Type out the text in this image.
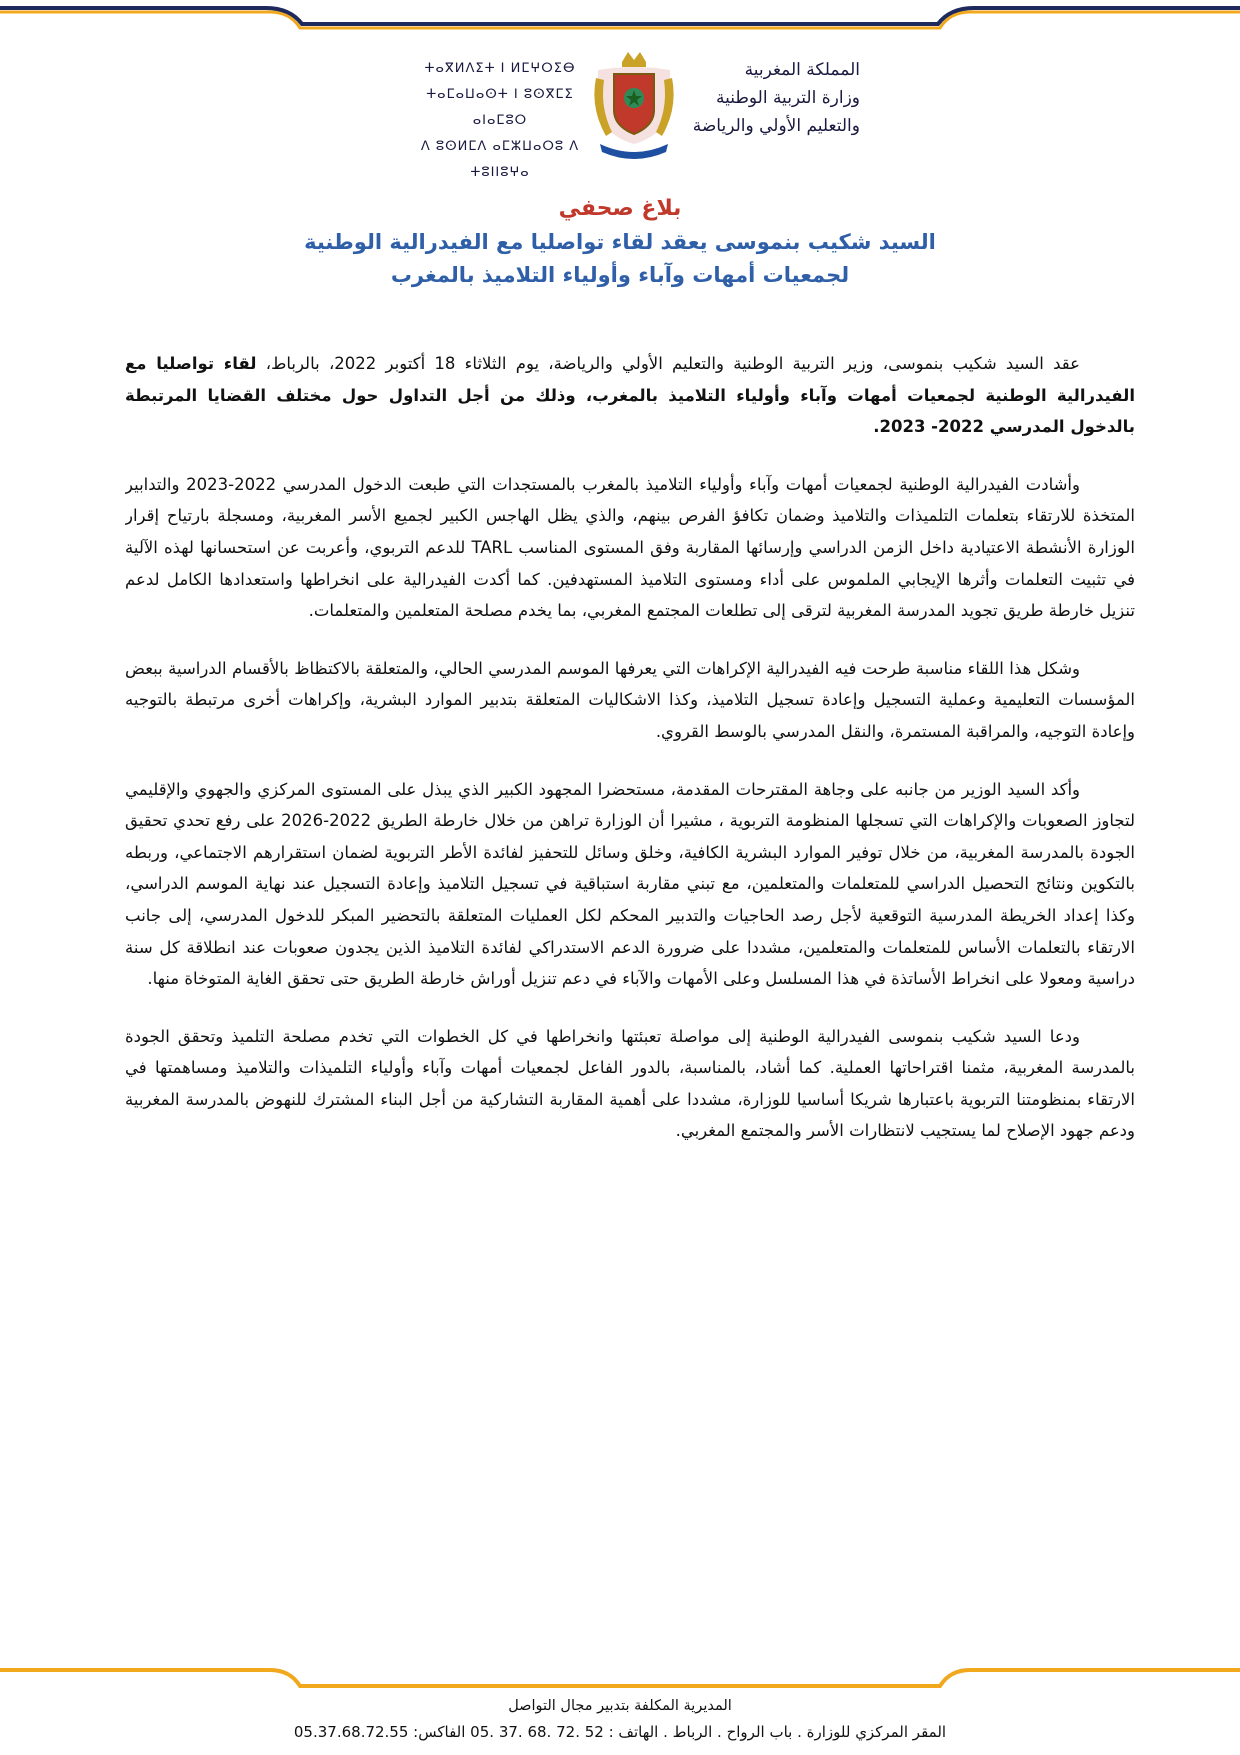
ⵜⴰⴳⵍⴷⵉⵜ ⵏ ⵍⵎⵖⵔⵉⴱ
ⵜⴰⵎⴰⵡⴰⵙⵜ ⵏ ⵓⵙⴳⵎⵉ ⴰⵏⴰⵎⵓⵔ
ⴷ ⵓⵙⵍⵎⴷ ⴰⵎⵣⵡⴰⵔⵓ ⴷ ⵜⵓⵏⵏⵓⵖⴰ
المملكة المغربية
وزارة التربية الوطنية
والتعليم الأولي والرياضة
بلاغ صحفي
السيد شكيب بنموسى يعقد لقاء تواصليا مع الفيدرالية الوطنية
لجمعيات أمهات وآباء وأولياء التلاميذ بالمغرب

عقد السيد شكيب بنموسى، وزير التربية الوطنية والتعليم الأولي والرياضة، يوم الثلاثاء 18 أكتوبر 2022، بالرباط، لقاء تواصليا مع الفيدرالية الوطنية لجمعيات أمهات وآباء وأولياء التلاميذ بالمغرب، وذلك من أجل التداول حول مختلف القضايا المرتبطة بالدخول المدرسي 2022- 2023.

وأشادت الفيدرالية الوطنية لجمعيات أمهات وآباء وأولياء التلاميذ بالمغرب بالمستجدات التي طبعت الدخول المدرسي 2022-2023 والتدابير المتخذة للارتقاء بتعلمات التلميذات والتلاميذ وضمان تكافؤ الفرص بينهم، والذي يظل الهاجس الكبير لجميع الأسر المغربية، ومسجلة بارتياح إقرار الوزارة الأنشطة الاعتيادية داخل الزمن الدراسي وإرسائها المقاربة وفق المستوى المناسب TARL للدعم التربوي، وأعربت عن استحسانها لهذه الآلية في تثبيت التعلمات وأثرها الإيجابي الملموس على أداء ومستوى التلاميذ المستهدفين. كما أكدت الفيدرالية على انخراطها واستعدادها الكامل لدعم تنزيل خارطة طريق تجويد المدرسة المغربية لترقى إلى تطلعات المجتمع المغربي، بما يخدم مصلحة المتعلمين والمتعلمات.

وشكل هذا اللقاء مناسبة طرحت فيه الفيدرالية الإكراهات التي يعرفها الموسم المدرسي الحالي، والمتعلقة بالاكتظاظ بالأقسام الدراسية ببعض المؤسسات التعليمية وعملية التسجيل وإعادة تسجيل التلاميذ، وكذا الاشكاليات المتعلقة بتدبير الموارد البشرية، وإكراهات أخرى مرتبطة بالتوجيه وإعادة التوجيه، والمراقبة المستمرة، والنقل المدرسي بالوسط القروي.

وأكد السيد الوزير من جانبه على وجاهة المقترحات المقدمة، مستحضرا المجهود الكبير الذي يبذل على المستوى المركزي والجهوي والإقليمي لتجاوز الصعوبات والإكراهات التي تسجلها المنظومة التربوية ، مشيرا أن الوزارة تراهن من خلال خارطة الطريق 2022-2026 على رفع تحدي تحقيق الجودة بالمدرسة المغربية، من خلال توفير الموارد البشرية الكافية، وخلق وسائل للتحفيز لفائدة الأطر التربوية لضمان استقرارهم الاجتماعي، وربطه بالتكوين ونتائج التحصيل الدراسي للمتعلمات والمتعلمين، مع تبني مقاربة استباقية في تسجيل التلاميذ وإعادة التسجيل عند نهاية الموسم الدراسي، وكذا إعداد الخريطة المدرسية التوقعية لأجل رصد الحاجيات والتدبير المحكم لكل العمليات المتعلقة بالتحضير المبكر للدخول المدرسي، إلى جانب الارتقاء بالتعلمات الأساس للمتعلمات والمتعلمين، مشددا على ضرورة الدعم الاستدراكي لفائدة التلاميذ الذين يجدون صعوبات عند انطلاقة كل سنة دراسية ومعولا على انخراط الأساتذة في هذا المسلسل وعلى الأمهات والآباء في دعم تنزيل أوراش خارطة الطريق حتى تحقق الغاية المتوخاة منها.

ودعا السيد شكيب بنموسى الفيدرالية الوطنية إلى مواصلة تعبئتها وانخراطها في كل الخطوات التي تخدم مصلحة التلميذ وتحقق الجودة بالمدرسة المغربية، مثمنا اقتراحاتها العملية. كما أشاد، بالمناسبة، بالدور الفاعل لجمعيات أمهات وآباء وأولياء التلميذات والتلاميذ ومساهمتها في الارتقاء بمنظومتنا التربوية باعتبارها شريكا أساسيا للوزارة، مشددا على أهمية المقاربة التشاركية من أجل البناء المشترك للنهوض بالمدرسة المغربية ودعم جهود الإصلاح لما يستجيب لانتظارات الأسر والمجتمع المغربي.

المديرية المكلفة بتدبير مجال التواصل
المقر المركزي للوزارة . باب الرواح . الرباط . الهاتف : 52 .72 .68 .37 .05 الفاكس: 05.37.68.72.55
